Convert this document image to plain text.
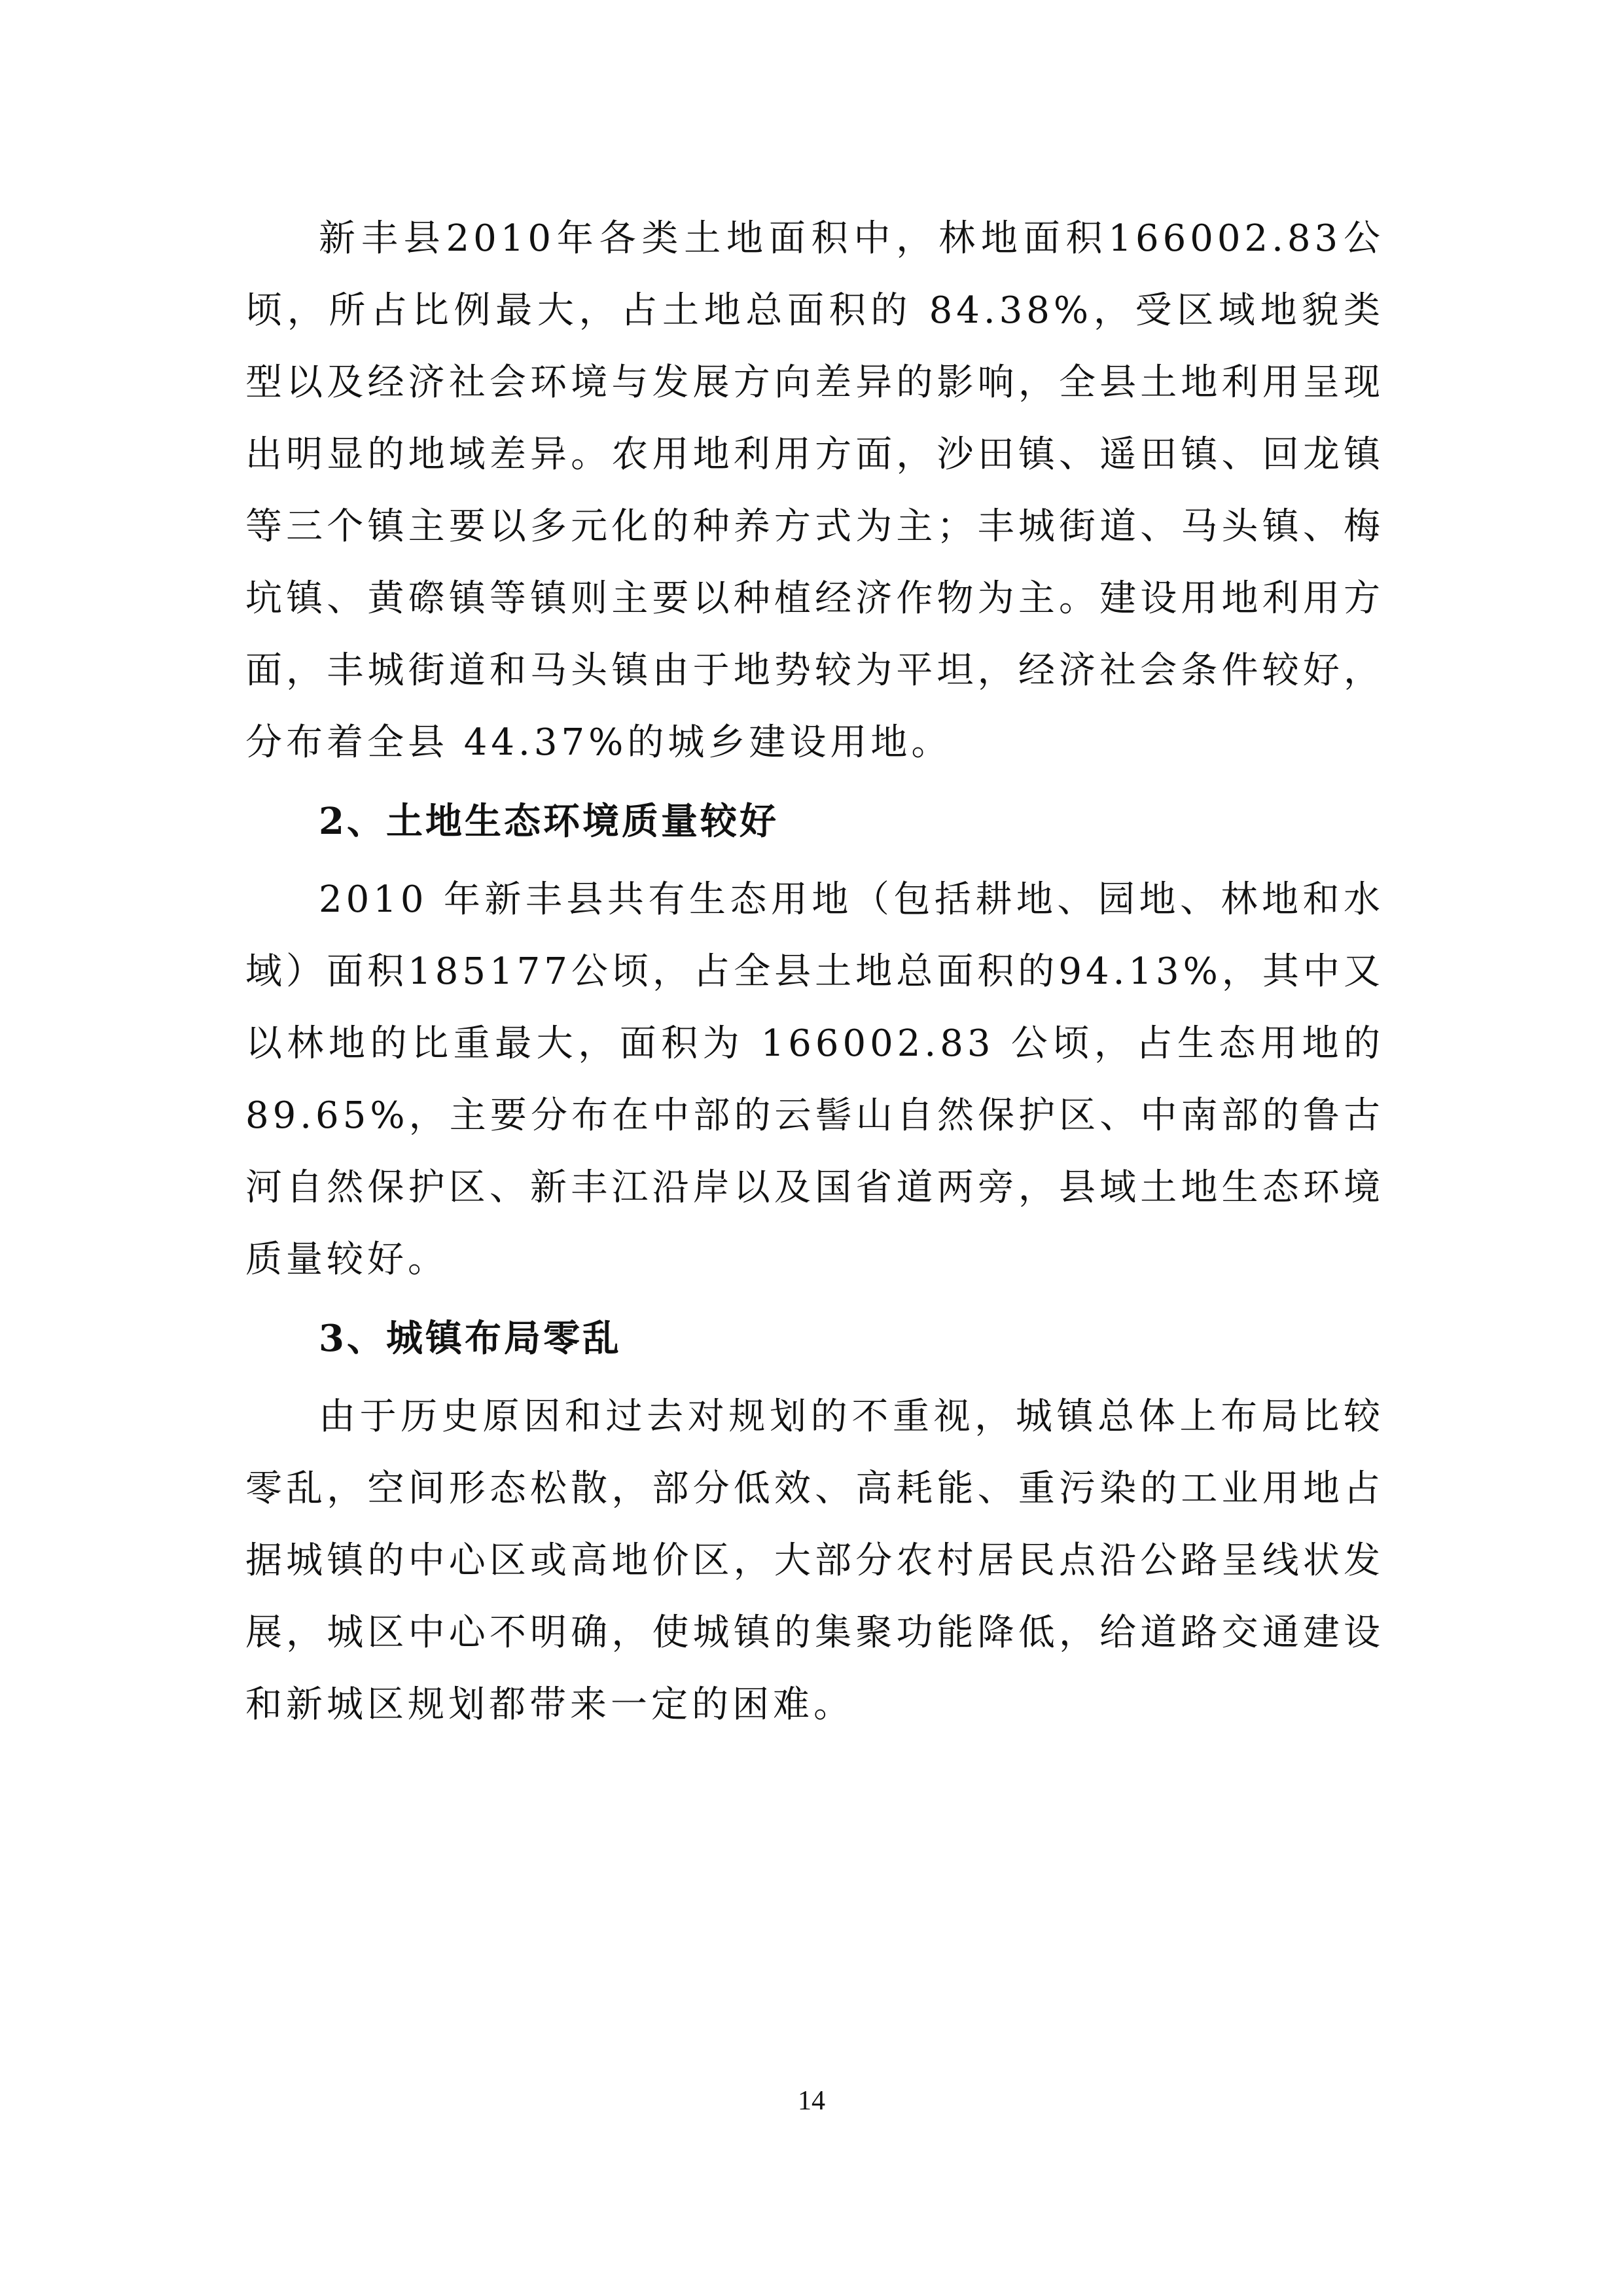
新丰县2010年各类土地面积中，林地面积166002.83公顷，所占比例最大，占土地总面积的 84.38%，受区域地貌类型以及经济社会环境与发展方向差异的影响，全县土地利用呈现出明显的地域差异。农用地利用方面，沙田镇、遥田镇、回龙镇等三个镇主要以多元化的种养方式为主；丰城街道、马头镇、梅坑镇、黄磜镇等镇则主要以种植经济作物为主。建设用地利用方面，丰城街道和马头镇由于地势较为平坦，经济社会条件较好，分布着全县 44.37%的城乡建设用地。

2、土地生态环境质量较好

2010 年新丰县共有生态用地（包括耕地、园地、林地和水域）面积185177公顷，占全县土地总面积的94.13%，其中又以林地的比重最大，面积为 166002.83 公顷，占生态用地的 89.65%，主要分布在中部的云髻山自然保护区、中南部的鲁古河自然保护区、新丰江沿岸以及国省道两旁，县域土地生态环境质量较好。

3、城镇布局零乱

由于历史原因和过去对规划的不重视，城镇总体上布局比较零乱，空间形态松散，部分低效、高耗能、重污染的工业用地占据城镇的中心区或高地价区，大部分农村居民点沿公路呈线状发展，城区中心不明确，使城镇的集聚功能降低，给道路交通建设和新城区规划都带来一定的困难。

14
